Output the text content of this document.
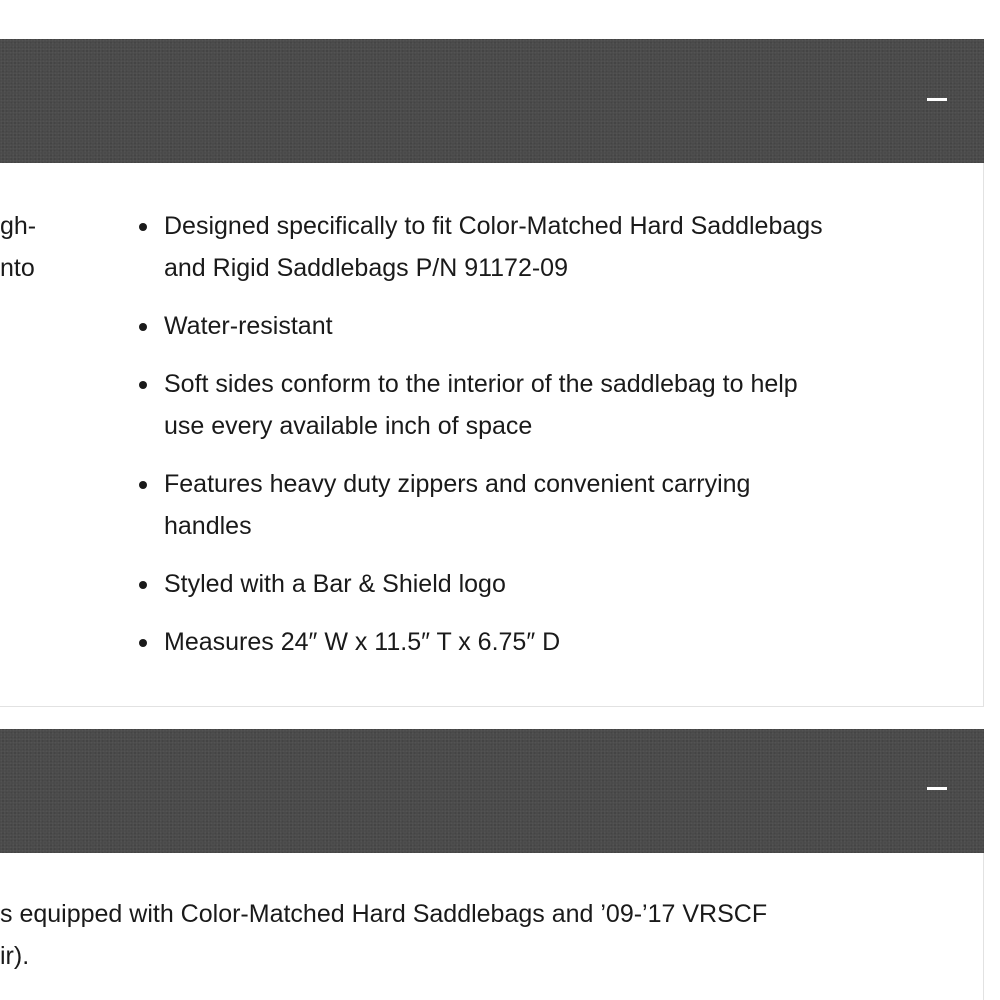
gh-
nto
Designed specifically to fit Color-Matched Hard Saddlebags
and Rigid Saddlebags P/N 91172-09
Water-resistant
Soft sides conform to the interior of the saddlebag to help
use every available inch of space
Features heavy duty zippers and convenient carrying
handles
Styled with a Bar & Shield logo
Measures 24″ W x 11.5″ T x 6.75″ D
s equipped with Color-Matched Hard Saddlebags and ’09-’17 VRSCF
ir).
